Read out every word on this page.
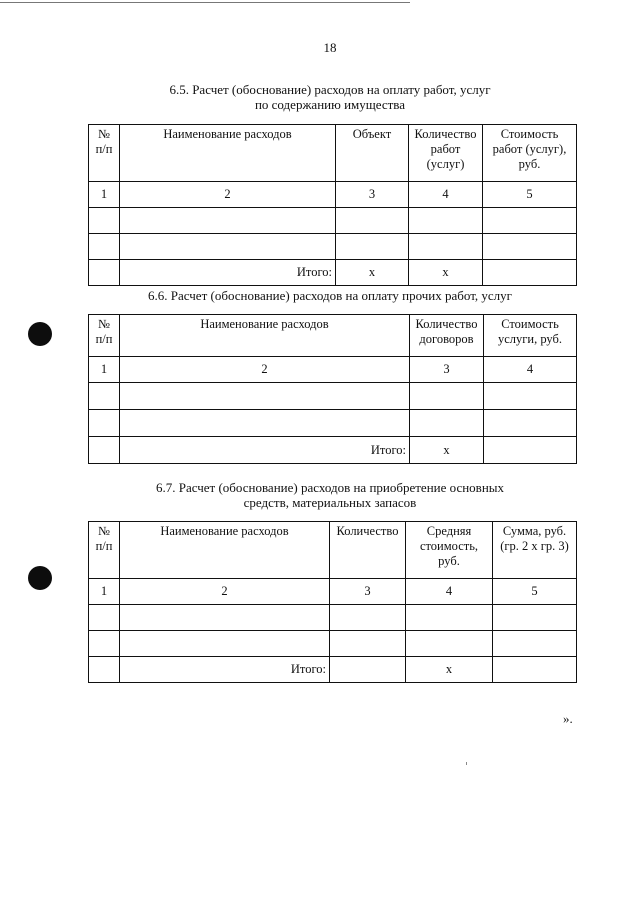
18
6.5. Расчет (обоснование) расходов на оплату работ, услуг
по содержанию имущества
№ п/п	Наименование расходов	Объект	Количество работ (услуг)	Стоимость работ (услуг), руб.
1	2	3	4	5

	Итого:	x	x	
6.6. Расчет (обоснование) расходов на оплату прочих работ, услуг
№ п/п	Наименование расходов	Количество договоров	Стоимость услуги, руб.
1	2	3	4

	Итого:	x	
6.7. Расчет (обоснование) расходов на приобретение основных
средств, материальных запасов
№ п/п	Наименование расходов	Количество	Средняя стоимость, руб.	Сумма, руб. (гр. 2 х гр. 3)
1	2	3	4	5

	Итого:		x	
».
